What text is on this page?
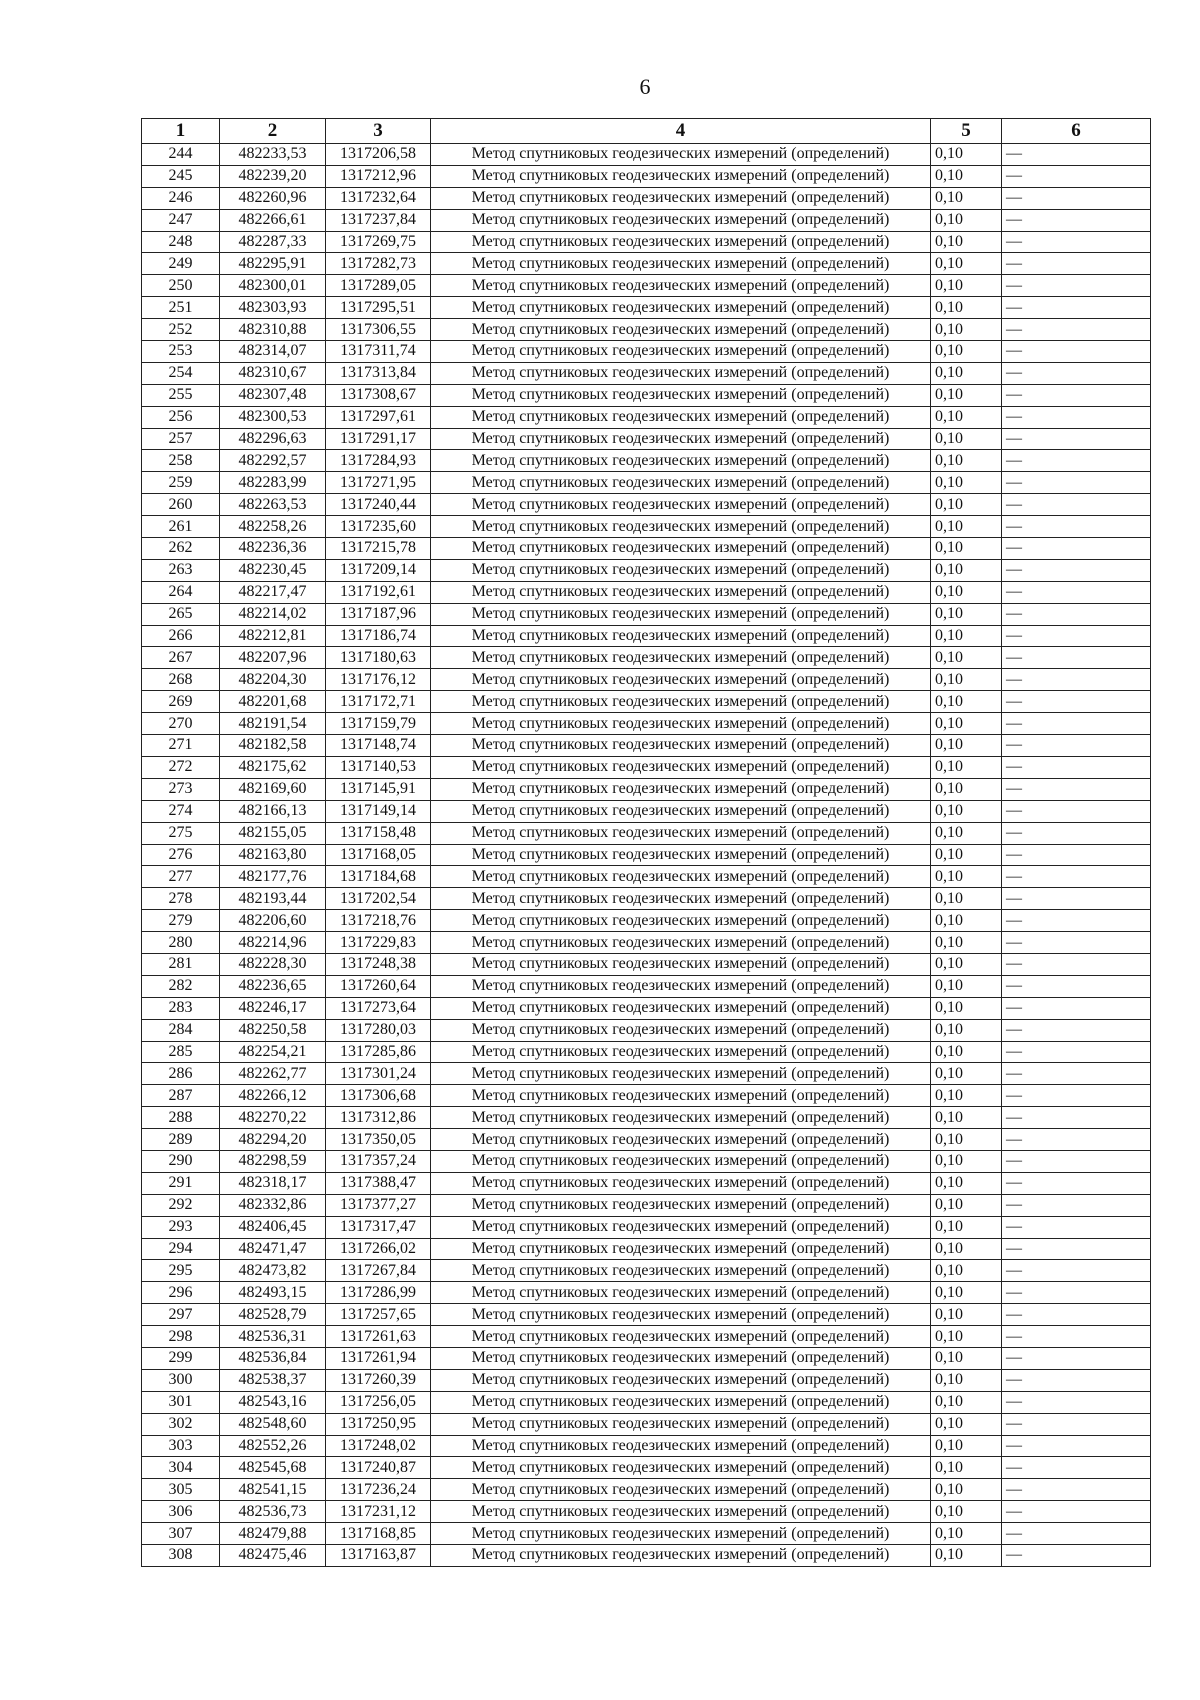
6
1	2	3	4	5	6
244	482233,53	1317206,58	Метод спутниковых геодезических измерений (определений)	0,10	—
245	482239,20	1317212,96	Метод спутниковых геодезических измерений (определений)	0,10	—
246	482260,96	1317232,64	Метод спутниковых геодезических измерений (определений)	0,10	—
247	482266,61	1317237,84	Метод спутниковых геодезических измерений (определений)	0,10	—
248	482287,33	1317269,75	Метод спутниковых геодезических измерений (определений)	0,10	—
249	482295,91	1317282,73	Метод спутниковых геодезических измерений (определений)	0,10	—
250	482300,01	1317289,05	Метод спутниковых геодезических измерений (определений)	0,10	—
251	482303,93	1317295,51	Метод спутниковых геодезических измерений (определений)	0,10	—
252	482310,88	1317306,55	Метод спутниковых геодезических измерений (определений)	0,10	—
253	482314,07	1317311,74	Метод спутниковых геодезических измерений (определений)	0,10	—
254	482310,67	1317313,84	Метод спутниковых геодезических измерений (определений)	0,10	—
255	482307,48	1317308,67	Метод спутниковых геодезических измерений (определений)	0,10	—
256	482300,53	1317297,61	Метод спутниковых геодезических измерений (определений)	0,10	—
257	482296,63	1317291,17	Метод спутниковых геодезических измерений (определений)	0,10	—
258	482292,57	1317284,93	Метод спутниковых геодезических измерений (определений)	0,10	—
259	482283,99	1317271,95	Метод спутниковых геодезических измерений (определений)	0,10	—
260	482263,53	1317240,44	Метод спутниковых геодезических измерений (определений)	0,10	—
261	482258,26	1317235,60	Метод спутниковых геодезических измерений (определений)	0,10	—
262	482236,36	1317215,78	Метод спутниковых геодезических измерений (определений)	0,10	—
263	482230,45	1317209,14	Метод спутниковых геодезических измерений (определений)	0,10	—
264	482217,47	1317192,61	Метод спутниковых геодезических измерений (определений)	0,10	—
265	482214,02	1317187,96	Метод спутниковых геодезических измерений (определений)	0,10	—
266	482212,81	1317186,74	Метод спутниковых геодезических измерений (определений)	0,10	—
267	482207,96	1317180,63	Метод спутниковых геодезических измерений (определений)	0,10	—
268	482204,30	1317176,12	Метод спутниковых геодезических измерений (определений)	0,10	—
269	482201,68	1317172,71	Метод спутниковых геодезических измерений (определений)	0,10	—
270	482191,54	1317159,79	Метод спутниковых геодезических измерений (определений)	0,10	—
271	482182,58	1317148,74	Метод спутниковых геодезических измерений (определений)	0,10	—
272	482175,62	1317140,53	Метод спутниковых геодезических измерений (определений)	0,10	—
273	482169,60	1317145,91	Метод спутниковых геодезических измерений (определений)	0,10	—
274	482166,13	1317149,14	Метод спутниковых геодезических измерений (определений)	0,10	—
275	482155,05	1317158,48	Метод спутниковых геодезических измерений (определений)	0,10	—
276	482163,80	1317168,05	Метод спутниковых геодезических измерений (определений)	0,10	—
277	482177,76	1317184,68	Метод спутниковых геодезических измерений (определений)	0,10	—
278	482193,44	1317202,54	Метод спутниковых геодезических измерений (определений)	0,10	—
279	482206,60	1317218,76	Метод спутниковых геодезических измерений (определений)	0,10	—
280	482214,96	1317229,83	Метод спутниковых геодезических измерений (определений)	0,10	—
281	482228,30	1317248,38	Метод спутниковых геодезических измерений (определений)	0,10	—
282	482236,65	1317260,64	Метод спутниковых геодезических измерений (определений)	0,10	—
283	482246,17	1317273,64	Метод спутниковых геодезических измерений (определений)	0,10	—
284	482250,58	1317280,03	Метод спутниковых геодезических измерений (определений)	0,10	—
285	482254,21	1317285,86	Метод спутниковых геодезических измерений (определений)	0,10	—
286	482262,77	1317301,24	Метод спутниковых геодезических измерений (определений)	0,10	—
287	482266,12	1317306,68	Метод спутниковых геодезических измерений (определений)	0,10	—
288	482270,22	1317312,86	Метод спутниковых геодезических измерений (определений)	0,10	—
289	482294,20	1317350,05	Метод спутниковых геодезических измерений (определений)	0,10	—
290	482298,59	1317357,24	Метод спутниковых геодезических измерений (определений)	0,10	—
291	482318,17	1317388,47	Метод спутниковых геодезических измерений (определений)	0,10	—
292	482332,86	1317377,27	Метод спутниковых геодезических измерений (определений)	0,10	—
293	482406,45	1317317,47	Метод спутниковых геодезических измерений (определений)	0,10	—
294	482471,47	1317266,02	Метод спутниковых геодезических измерений (определений)	0,10	—
295	482473,82	1317267,84	Метод спутниковых геодезических измерений (определений)	0,10	—
296	482493,15	1317286,99	Метод спутниковых геодезических измерений (определений)	0,10	—
297	482528,79	1317257,65	Метод спутниковых геодезических измерений (определений)	0,10	—
298	482536,31	1317261,63	Метод спутниковых геодезических измерений (определений)	0,10	—
299	482536,84	1317261,94	Метод спутниковых геодезических измерений (определений)	0,10	—
300	482538,37	1317260,39	Метод спутниковых геодезических измерений (определений)	0,10	—
301	482543,16	1317256,05	Метод спутниковых геодезических измерений (определений)	0,10	—
302	482548,60	1317250,95	Метод спутниковых геодезических измерений (определений)	0,10	—
303	482552,26	1317248,02	Метод спутниковых геодезических измерений (определений)	0,10	—
304	482545,68	1317240,87	Метод спутниковых геодезических измерений (определений)	0,10	—
305	482541,15	1317236,24	Метод спутниковых геодезических измерений (определений)	0,10	—
306	482536,73	1317231,12	Метод спутниковых геодезических измерений (определений)	0,10	—
307	482479,88	1317168,85	Метод спутниковых геодезических измерений (определений)	0,10	—
308	482475,46	1317163,87	Метод спутниковых геодезических измерений (определений)	0,10	—
